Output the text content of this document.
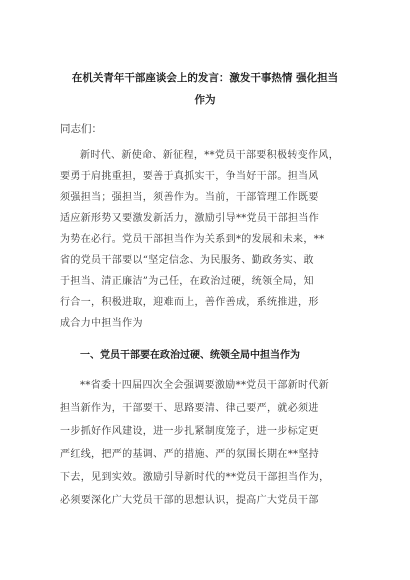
在机关青年干部座谈会上的发言：激发干事热情 强化担当
作为
同志们：
新时代、新使命、新征程，**党员干部要积极转变作风，
要勇于肩挑重担，要善于真抓实干，争当好干部。担当风
须强担当；强担当，须善作为。当前，干部管理工作既要
适应新形势又要激发新活力，激励引导**党员干部担当作
为势在必行。党员干部担当作为关系到*的发展和未来，**
省的党员干部要以“坚定信念、为民服务、勤政务实、敢
于担当、清正廉洁”为己任，在政治过硬，统领全局，知
行合一，积极进取，迎难而上，善作善成，系统推进，形
成合力中担当作为
一、党员干部要在政治过硬、统领全局中担当作为
**省委十四届四次全会强调要激励**党员干部新时代新
担当新作为，干部要干、思路要清、律己要严，就必须进
一步抓好作风建设，进一步扎紧制度笼子，进一步标定更
严红线，把严的基调、严的措施、严的氛围长期在**坚持
下去，见到实效。激励引导新时代的**党员干部担当作为，
必须要深化广大党员干部的思想认识，提高广大党员干部
